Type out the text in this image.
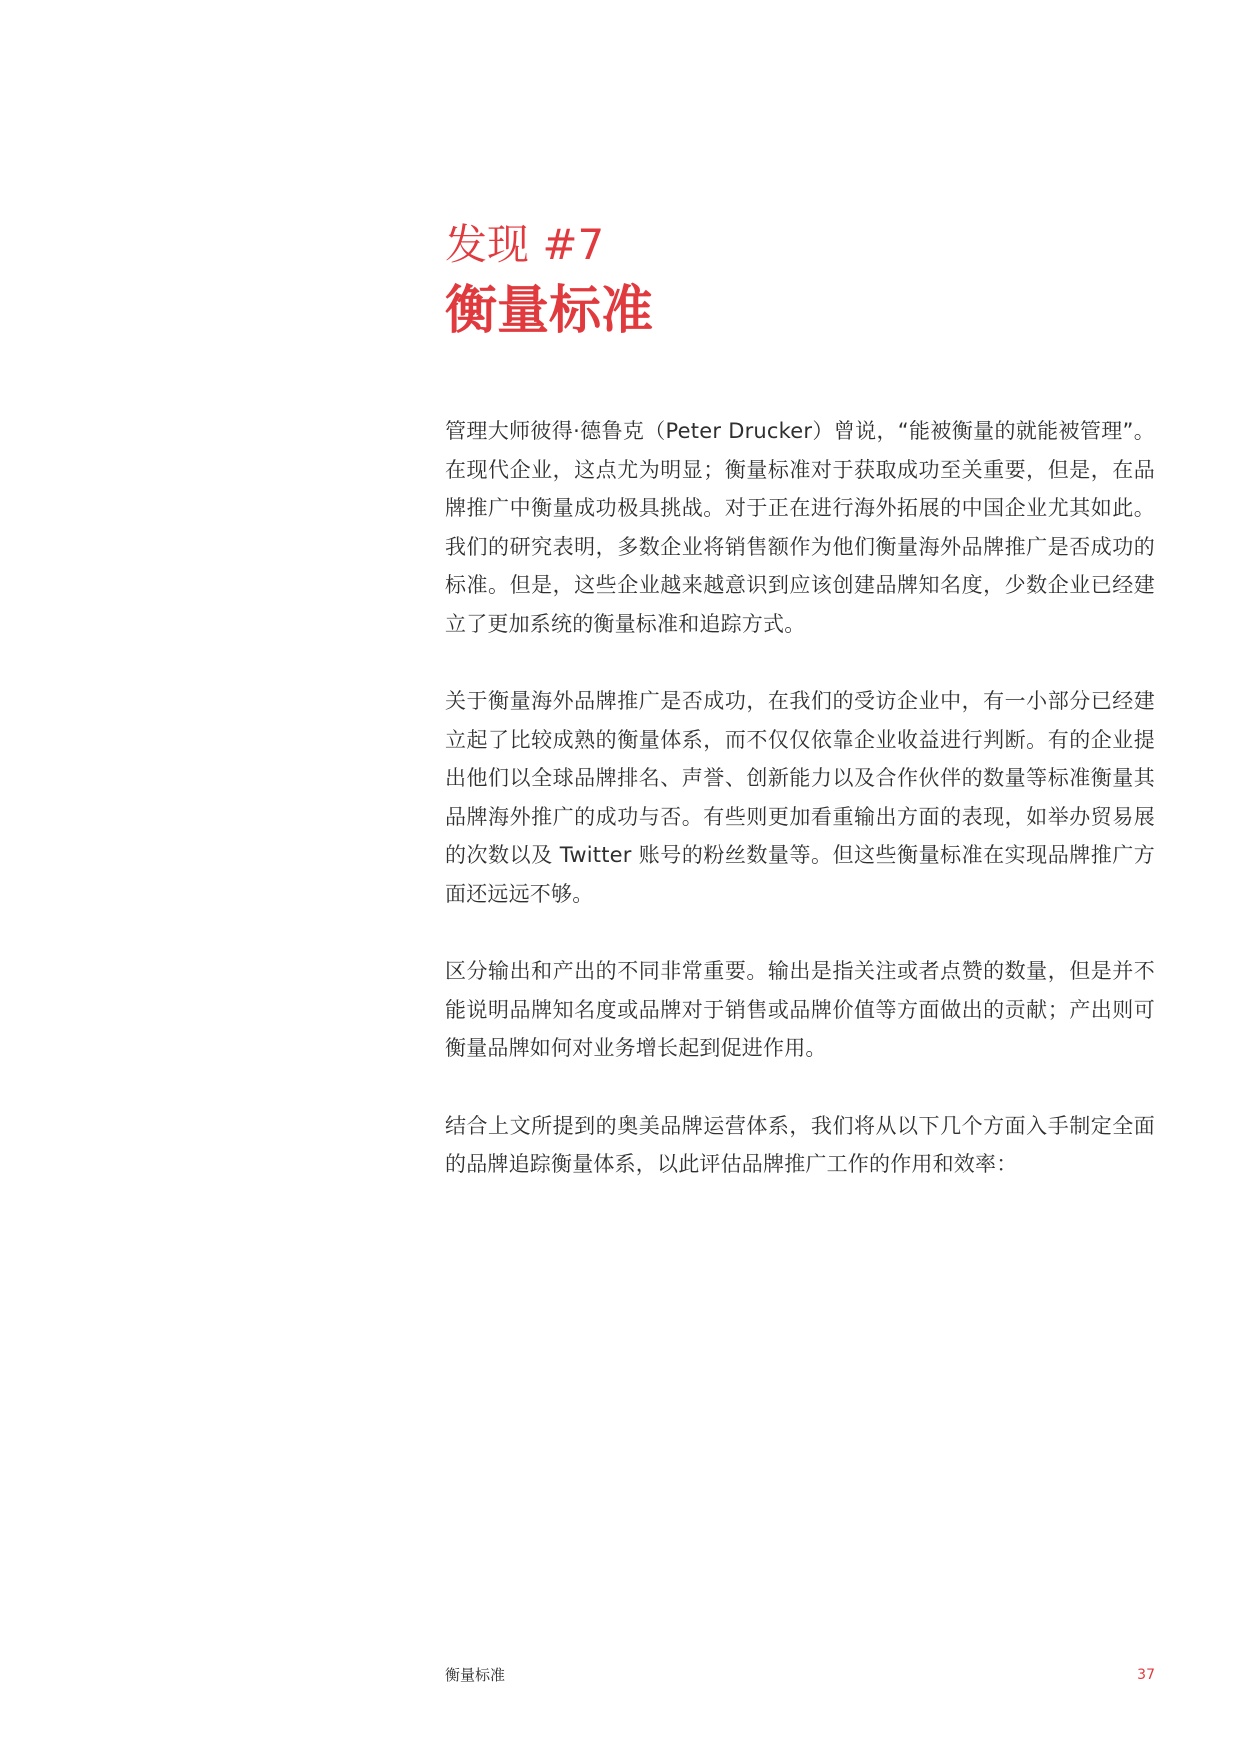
发现 #7
衡量标准

管理大师彼得·德鲁克（Peter Drucker）曾说，“能被衡量的就能被管理”。在现代企业，这点尤为明显；衡量标准对于获取成功至关重要，但是，在品牌推广中衡量成功极具挑战。对于正在进行海外拓展的中国企业尤其如此。我们的研究表明，多数企业将销售额作为他们衡量海外品牌推广是否成功的标准。但是，这些企业越来越意识到应该创建品牌知名度，少数企业已经建立了更加系统的衡量标准和追踪方式。

关于衡量海外品牌推广是否成功，在我们的受访企业中，有一小部分已经建立起了比较成熟的衡量体系，而不仅仅依靠企业收益进行判断。有的企业提出他们以全球品牌排名、声誉、创新能力以及合作伙伴的数量等标准衡量其品牌海外推广的成功与否。有些则更加看重输出方面的表现，如举办贸易展的次数以及 Twitter 账号的粉丝数量等。但这些衡量标准在实现品牌推广方面还远远不够。

区分输出和产出的不同非常重要。输出是指关注或者点赞的数量，但是并不能说明品牌知名度或品牌对于销售或品牌价值等方面做出的贡献；产出则可衡量品牌如何对业务增长起到促进作用。

结合上文所提到的奥美品牌运营体系，我们将从以下几个方面入手制定全面的品牌追踪衡量体系，以此评估品牌推广工作的作用和效率：

衡量标准	37
